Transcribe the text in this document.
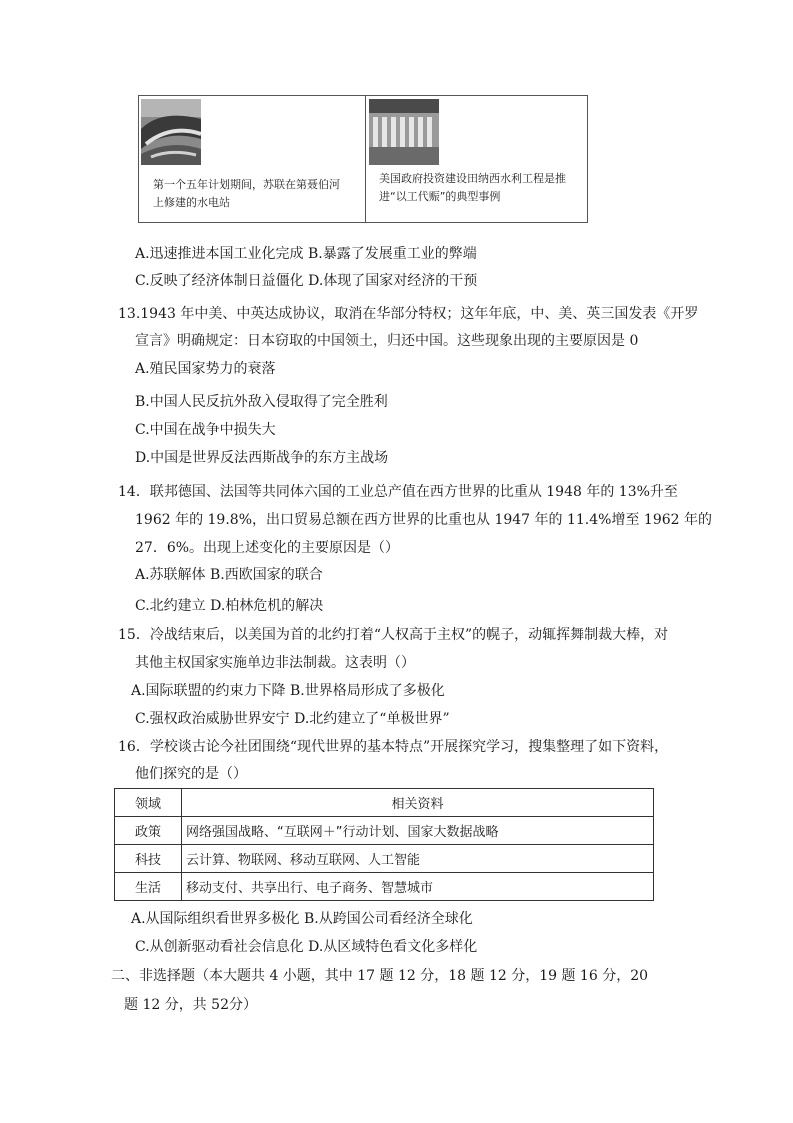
第一个五年计划期间，苏联在第聂伯河
上修建的水电站
美国政府投资建设田纳西水利工程是推
进“以工代赈”的典型事例
A.迅速推进本国工业化完成 B.暴露了发展重工业的弊端
C.反映了经济体制日益僵化 D.体现了国家对经济的干预
13.1943 年中美、中英达成协议，取消在华部分特权；这年年底，中、美、英三国发表《开罗
宣言》明确规定：日本窃取的中国领土，归还中国。这些现象出现的主要原因是 0
A.殖民国家势力的衰落
B.中国人民反抗外敌入侵取得了完全胜利
C.中国在战争中损失大
D.中国是世界反法西斯战争的东方主战场
14．联邦德国、法国等共同体六国的工业总产值在西方世界的比重从 1948 年的 13%升至
1962 年的 19.8%，出口贸易总额在西方世界的比重也从 1947 年的 11.4%增至 1962 年的
27．6%。出现上述变化的主要原因是（）
A.苏联解体 B.西欧国家的联合
C.北约建立 D.柏林危机的解决
15．冷战结束后，以美国为首的北约打着“人权高于主权”的幌子，动辄挥舞制裁大棒，对
其他主权国家实施单边非法制裁。这表明（）
A.国际联盟的约束力下降 B.世界格局形成了多极化
C.强权政治威胁世界安宁 D.北约建立了“单极世界”
16．学校谈古论今社团围绕“现代世界的基本特点”开展探究学习，搜集整理了如下资料，
他们探究的是（）
领域	相关资料
政策	网络强国战略、“互联网＋”行动计划、国家大数据战略
科技	云计算、物联网、移动互联网、人工智能
生活	移动支付、共享出行、电子商务、智慧城市
A.从国际组织看世界多极化 B.从跨国公司看经济全球化
C.从创新驱动看社会信息化 D.从区域特色看文化多样化
二、非选择题（本大题共 4 小题，其中 17 题 12 分，18 题 12 分，19 题 16 分，20
题 12 分，共 52分）
